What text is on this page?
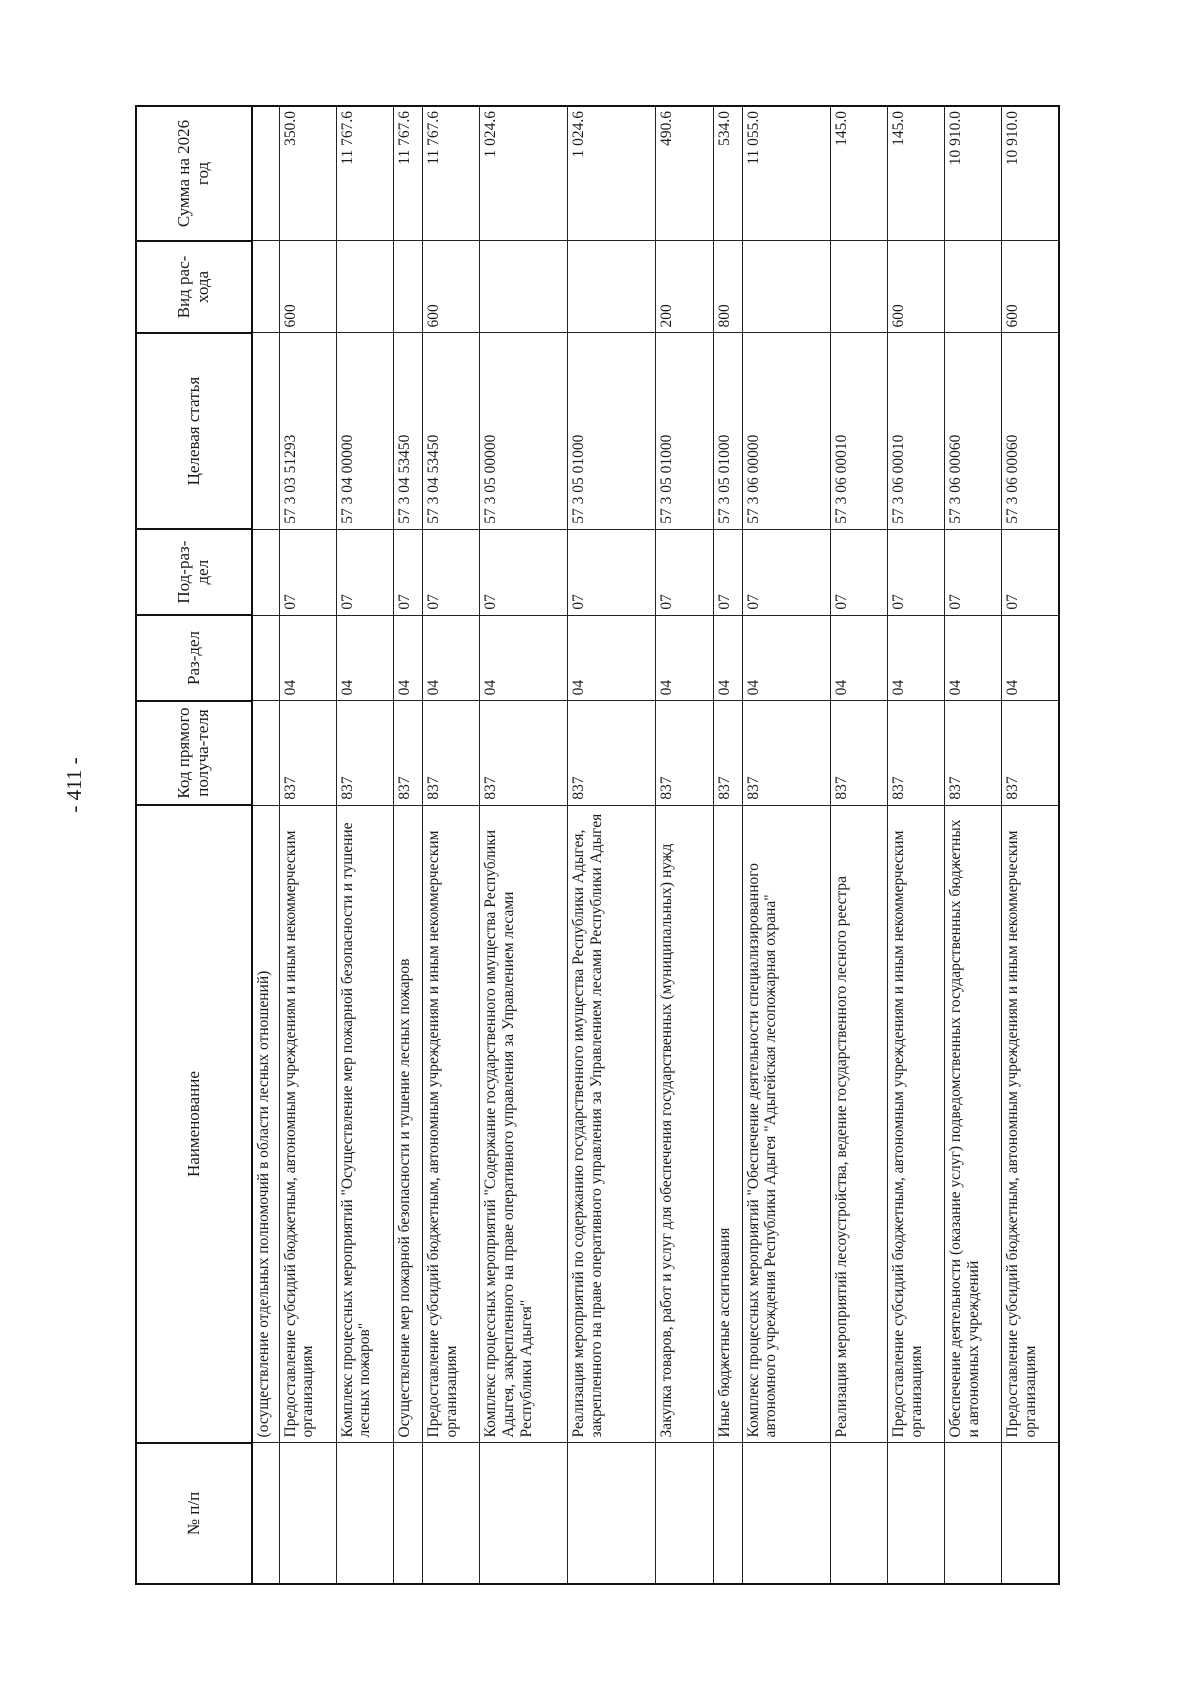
- 411 -
№ п/п	Наименование	Код прямого получа-теля	Раз-дел	Под-раз-дел	Целевая статья	Вид рас-хода	Сумма на 2026 год
	(осуществление отдельных полномочий в области лесных отношений)						
	Предоставление субсидий бюджетным, автономным учреждениям и иным некоммерческим организациям	837	04	07	57 3 03 51293	600	350.0
	Комплекс процессных мероприятий "Осуществление мер пожарной безопасности и тушение лесных пожаров"	837	04	07	57 3 04 00000		11 767.6
	Осуществление мер пожарной безопасности и тушение лесных пожаров	837	04	07	57 3 04 53450		11 767.6
	Предоставление субсидий бюджетным, автономным учреждениям и иным некоммерческим организациям	837	04	07	57 3 04 53450	600	11 767.6
	Комплекс процессных мероприятий "Содержание государственного имущества Республики Адыгея, закрепленного на праве оперативного управления за Управлением лесами Республики Адыгея"	837	04	07	57 3 05 00000		1 024.6
	Реализация мероприятий по содержанию государственного имущества Республики Адыгея, закрепленного на праве оперативного управления за Управлением лесами Республики Адыгея	837	04	07	57 3 05 01000		1 024.6
	Закупка товаров, работ и услуг для обеспечения государственных (муниципальных) нужд	837	04	07	57 3 05 01000	200	490.6
	Иные бюджетные ассигнования	837	04	07	57 3 05 01000	800	534.0
	Комплекс процессных мероприятий "Обеспечение деятельности специализированного автономного учреждения Республики Адыгея "Адыгейская лесопожарная охрана"	837	04	07	57 3 06 00000		11 055.0
	Реализация мероприятий лесоустройства, ведение государственного лесного реестра	837	04	07	57 3 06 00010		145.0
	Предоставление субсидий бюджетным, автономным учреждениям и иным некоммерческим организациям	837	04	07	57 3 06 00010	600	145.0
	Обеспечение деятельности (оказание услуг) подведомственных государственных бюджетных и автономных учреждений	837	04	07	57 3 06 00060		10 910.0
	Предоставление субсидий бюджетным, автономным учреждениям и иным некоммерческим организациям	837	04	07	57 3 06 00060	600	10 910.0
